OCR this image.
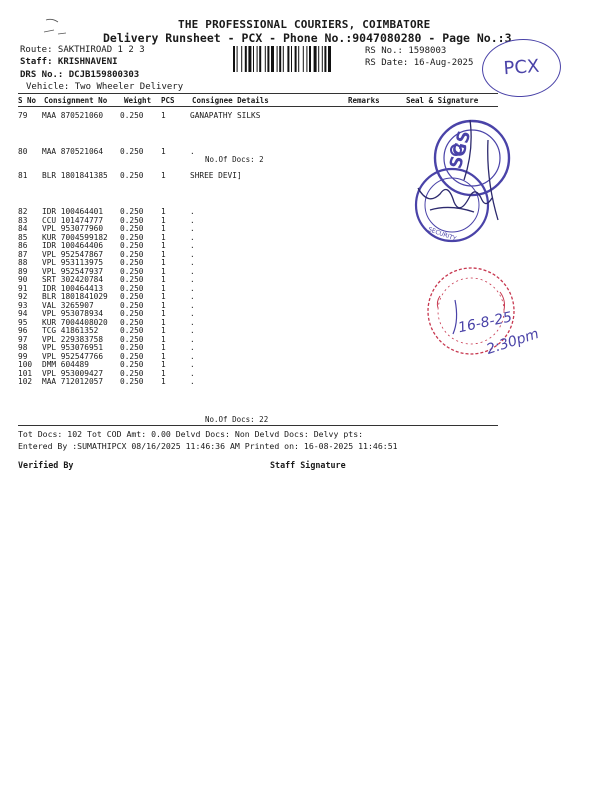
THE PROFESSIONAL COURIERS, COIMBATORE
Delivery Runsheet - PCX - Phone No.:9047080280 - Page No.:3
Route: SAKTHIROAD 1 2 3
Staff: KRISHNAVENI
DRS No.: DCJB159800303
Vehicle: Two Wheeler Delivery
RS No.: 1598003
RS Date: 16-Aug-2025	PCX
S No Consignment No Weight PCS Consignee Details	Remarks	Seal & Signature
79 MAA 870521060 0.250 1	GANAPATHY SILKS
80 MAA 870521064 0.250 1	.
81 BLR 1801841385 0.250 1	SHREE DEVI]
82 IDR 100464401 0.250 1	.
83 CCU 101474777 0.250 1	.
84 VPL 953077960 0.250 1	.
85 KUR 7004599182 0.250 1	.
86 IDR 100464406 0.250 1	.
87 VPL 952547867 0.250 1	.
88 VPL 953113975 0.250 1	.
89 VPL 952547937 0.250 1	.
90 SRT 302420784 0.250 1	.
91 IDR 100464413 0.250 1	.
92 BLR 1801841029 0.250 1	.
93 VAL 3265907	0.250 1	.
94 VPL 953078934 0.250 1	.
95 KUR 7004408020 0.250 1	.
96 TCG 41861352	0.250 1	.
97 VPL 229383758 0.250 1	.
98 VPL 953076951 0.250 1	.
99 VPL 952547766 0.250 1	.
100 DMM 604489	0.250 1	.
101 VPL 953009427 0.250 1	.
102 MAA 712012057 0.250 1	.
No.Of Docs: 2
No.Of Docs: 22
Tot Docs: 102 Tot COD Amt: 0.00 Delvd Docs: Non Delvd Docs: Delvy pts:
Entered By :SUMATHIPCX 08/16/2025 11:46:36 AM Printed on: 16-08-2025 11:46:51
Verified By	Staff Signature
SGS
SECURITY
16-8-25
2:30pm
